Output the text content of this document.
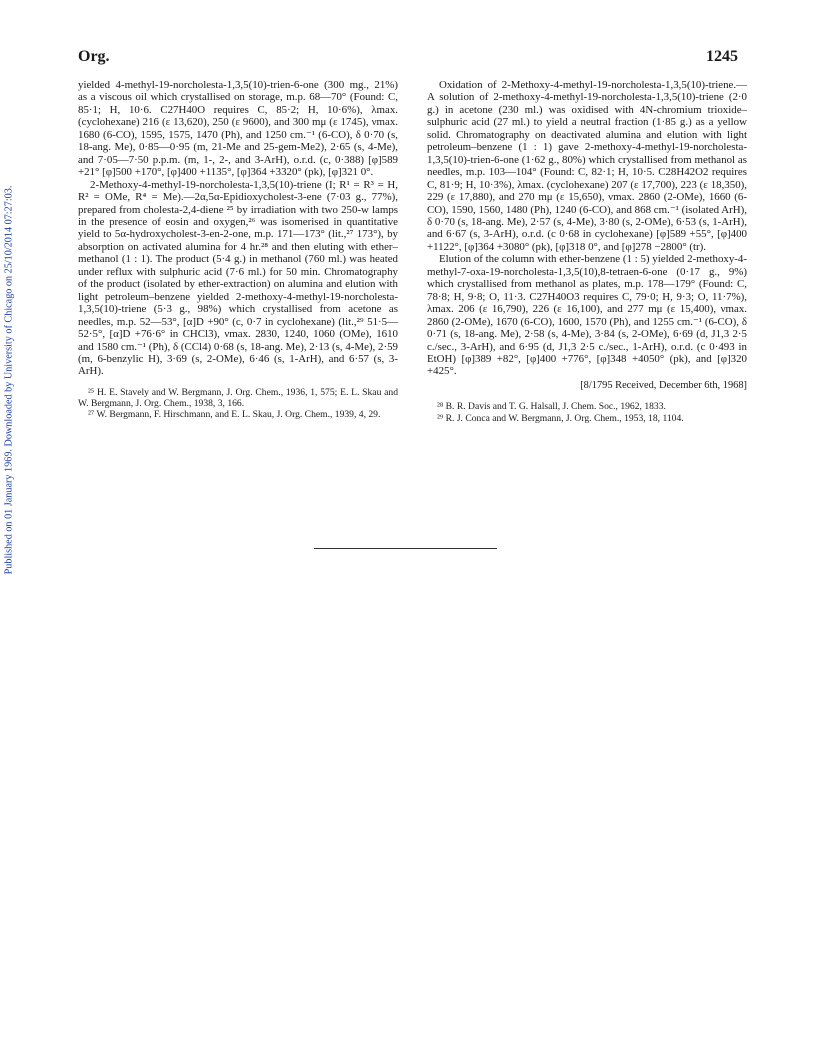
Published on 01 January 1969. Downloaded by University of Chicago on 25/10/2014 07:27:03.
Org.	1245

yielded 4-methyl-19-norcholesta-1,3,5(10)-trien-6-one (300 mg., 21%) as a viscous oil which crystallised on storage, m.p. 68—70° (Found: C, 85·1; H, 10·6. C27H40O requires C, 85·2; H, 10·6%), λmax. (cyclohexane) 216 (ε 13,620), 250 (ε 9600), and 300 mμ (ε 1745), νmax. 1680 (6-CO), 1595, 1575, 1470 (Ph), and 1250 cm.⁻¹ (6-CO), δ 0·70 (s, 18-ang. Me), 0·85—0·95 (m, 21-Me and 25-gem-Me2), 2·65 (s, 4-Me), and 7·05—7·50 p.p.m. (m, 1-, 2-, and 3-ArH), o.r.d. (c, 0·388) [φ]589 +21° [φ]500 +170°, [φ]400 +1135°, [φ]364 +3320° (pk), [φ]321 0°.

2-Methoxy-4-methyl-19-norcholesta-1,3,5(10)-triene (I; R¹ = R³ = H, R² = OMe, R⁴ = Me).—2α,5α-Epidioxycholest-3-ene (7·03 g., 77%), prepared from cholesta-2,4-diene ²⁵ by irradiation with two 250-w lamps in the presence of eosin and oxygen,²⁶ was isomerised in quantitative yield to 5α-hydroxycholest-3-en-2-one, m.p. 171—173° (lit.,²⁷ 173°), by absorption on activated alumina for 4 hr.²⁸ and then eluting with ether–methanol (1 : 1). The product (5·4 g.) in methanol (760 ml.) was heated under reflux with sulphuric acid (7·6 ml.) for 50 min. Chromatography of the product (isolated by ether-extraction) on alumina and elution with light petroleum–benzene yielded 2-methoxy-4-methyl-19-norcholesta-1,3,5(10)-triene (5·3 g., 98%) which crystallised from acetone as needles, m.p. 52—53°, [α]D +90° (c, 0·7 in cyclohexane) (lit.,²⁹ 51·5—52·5°, [α]D +76·6° in CHCl3), νmax. 2830, 1240, 1060 (OMe), 1610 and 1580 cm.⁻¹ (Ph), δ (CCl4) 0·68 (s, 18-ang. Me), 2·13 (s, 4-Me), 2·59 (m, 6-benzylic H), 3·69 (s, 2-OMe), 6·46 (s, 1-ArH), and 6·57 (s, 3-ArH).

²⁵ H. E. Stavely and W. Bergmann, J. Org. Chem., 1936, 1, 575; E. L. Skau and W. Bergmann, J. Org. Chem., 1938, 3, 166.

²⁷ W. Bergmann, F. Hirschmann, and E. L. Skau, J. Org. Chem., 1939, 4, 29.

Oxidation of 2-Methoxy-4-methyl-19-norcholesta-1,3,5(10)-triene.—A solution of 2-methoxy-4-methyl-19-norcholesta-1,3,5(10)-triene (2·0 g.) in acetone (230 ml.) was oxidised with 4N-chromium trioxide–sulphuric acid (27 ml.) to yield a neutral fraction (1·85 g.) as a yellow solid. Chromatography on deactivated alumina and elution with light petroleum–benzene (1 : 1) gave 2-methoxy-4-methyl-19-norcholesta-1,3,5(10)-trien-6-one (1·62 g., 80%) which crystallised from methanol as needles, m.p. 103—104° (Found: C, 82·1; H, 10·5. C28H42O2 requires C, 81·9; H, 10·3%), λmax. (cyclohexane) 207 (ε 17,700), 223 (ε 18,350), 229 (ε 17,880), and 270 mμ (ε 15,650), νmax. 2860 (2-OMe), 1660 (6-CO), 1590, 1560, 1480 (Ph), 1240 (6-CO), and 868 cm.⁻¹ (isolated ArH), δ 0·70 (s, 18-ang. Me), 2·57 (s, 4-Me), 3·80 (s, 2-OMe), 6·53 (s, 1-ArH), and 6·67 (s, 3-ArH), o.r.d. (c 0·68 in cyclohexane) [φ]589 +55°, [φ]400 +1122°, [φ]364 +3080° (pk), [φ]318 0°, and [φ]278 −2800° (tr).

Elution of the column with ether-benzene (1 : 5) yielded 2-methoxy-4-methyl-7-oxa-19-norcholesta-1,3,5(10),8-tetraen-6-one (0·17 g., 9%) which crystallised from methanol as plates, m.p. 178—179° (Found: C, 78·8; H, 9·8; O, 11·3. C27H40O3 requires C, 79·0; H, 9·3; O, 11·7%), λmax. 206 (ε 16,790), 226 (ε 16,100), and 277 mμ (ε 15,400), νmax. 2860 (2-OMe), 1670 (6-CO), 1600, 1570 (Ph), and 1255 cm.⁻¹ (6-CO), δ 0·71 (s, 18-ang. Me), 2·58 (s, 4-Me), 3·84 (s, 2-OMe), 6·69 (d, J1,3 2·5 c./sec., 3-ArH), and 6·95 (d, J1,3 2·5 c./sec., 1-ArH), o.r.d. (c 0·493 in EtOH) [φ]389 +82°, [φ]400 +776°, [φ]348 +4050° (pk), and [φ]320 +425°.

[8/1795 Received, December 6th, 1968]

²⁸ B. R. Davis and T. G. Halsall, J. Chem. Soc., 1962, 1833.

²⁹ R. J. Conca and W. Bergmann, J. Org. Chem., 1953, 18, 1104.
